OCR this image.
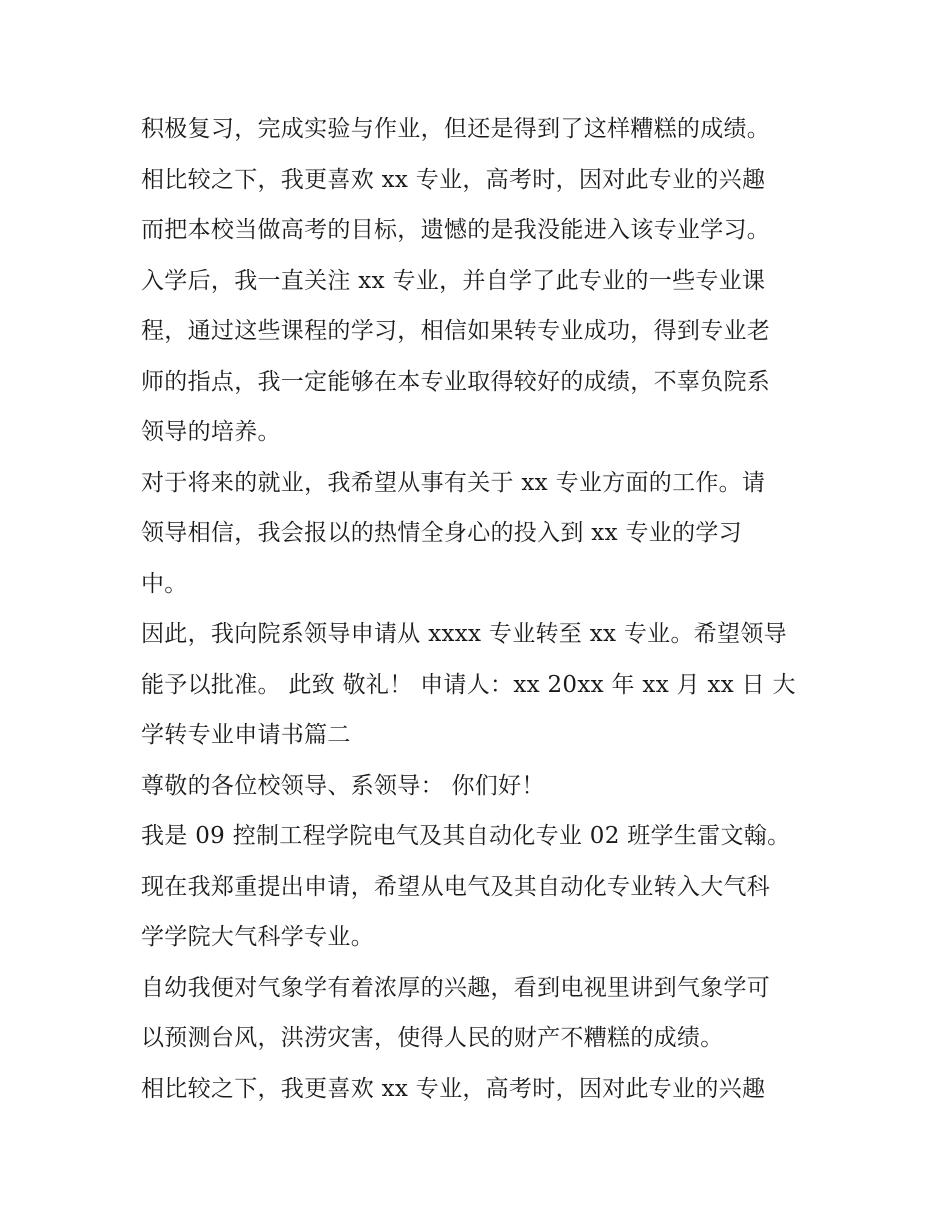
积极复习，完成实验与作业，但还是得到了这样糟糕的成绩。
相比较之下，我更喜欢 xx 专业，高考时，因对此专业的兴趣
而把本校当做高考的目标，遗憾的是我没能进入该专业学习。
入学后，我一直关注 xx 专业，并自学了此专业的一些专业课
程，通过这些课程的学习，相信如果转专业成功，得到专业老
师的指点，我一定能够在本专业取得较好的成绩，不辜负院系
领导的培养。
对于将来的就业，我希望从事有关于 xx 专业方面的工作。请
领导相信，我会报以的热情全身心的投入到 xx 专业的学习
中。
因此，我向院系领导申请从 xxxx 专业转至 xx 专业。希望领导
能予以批准。 此致 敬礼！ 申请人：xx 20xx 年 xx 月 xx 日 大
学转专业申请书篇二
尊敬的各位校领导、系领导： 你们好！
我是 09 控制工程学院电气及其自动化专业 02 班学生雷文翰。
现在我郑重提出申请，希望从电气及其自动化专业转入大气科
学学院大气科学专业。
自幼我便对气象学有着浓厚的兴趣，看到电视里讲到气象学可
以预测台风，洪涝灾害，使得人民的财产不糟糕的成绩。
相比较之下，我更喜欢 xx 专业，高考时，因对此专业的兴趣
